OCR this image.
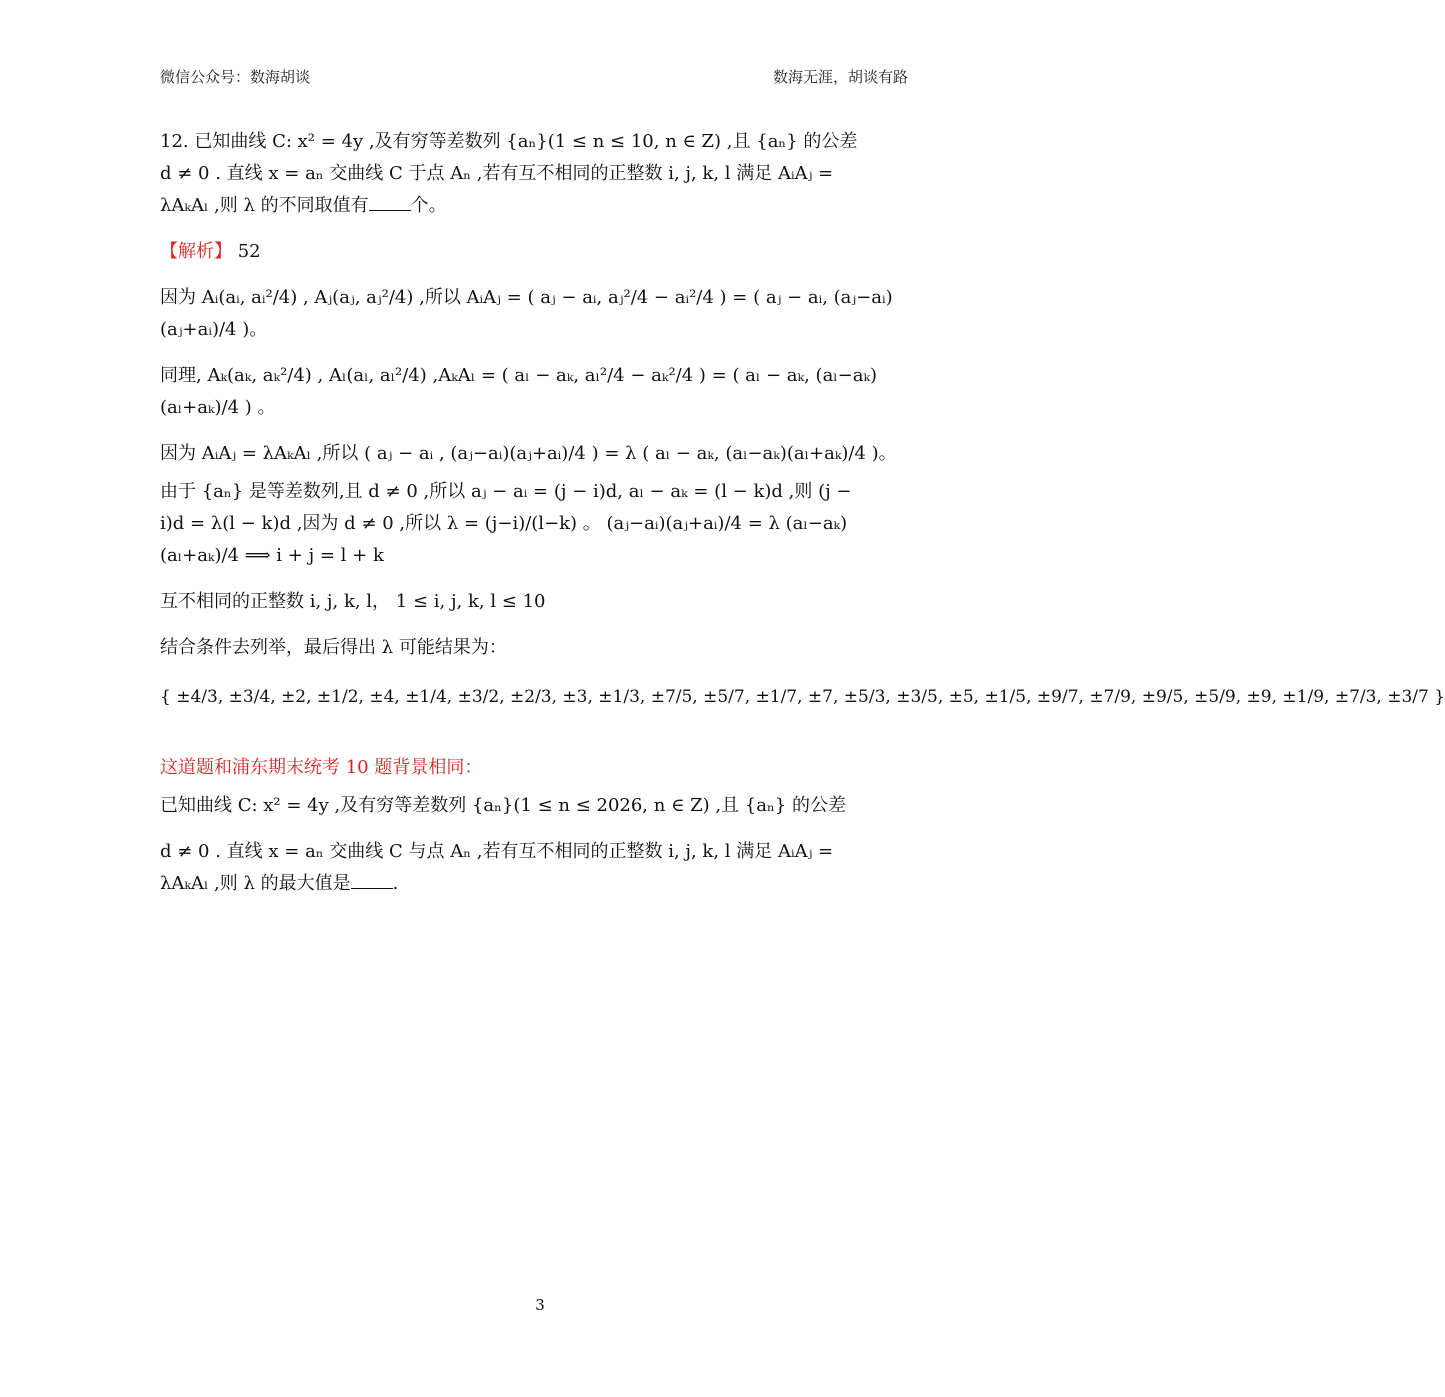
微信公众号：数海胡谈	数海无涯，胡谈有路

12. 已知曲线 C: x² = 4y ,及有穷等差数列 {aₙ}(1 ≤ n ≤ 10, n ∈ Z) ,且 {aₙ} 的公差

d ≠ 0 . 直线 x = aₙ 交曲线 C 于点 Aₙ ,若有互不相同的正整数 i, j, k, l 满足 AᵢAⱼ =

λAₖAₗ ,则 λ 的不同取值有 个。

【解析】 52

因为 Aᵢ(aᵢ, aᵢ²/4) , Aⱼ(aⱼ, aⱼ²/4) ,所以 AᵢAⱼ = ( aⱼ − aᵢ, aⱼ²/4 − aᵢ²/4 ) = ( aⱼ − aᵢ, (aⱼ−aᵢ)(aⱼ+aᵢ)/4 )。

同理, Aₖ(aₖ, aₖ²/4) , Aₗ(aₗ, aₗ²/4) ,AₖAₗ = ( aₗ − aₖ, aₗ²/4 − aₖ²/4 ) = ( aₗ − aₖ, (aₗ−aₖ)(aₗ+aₖ)/4 ) 。

因为 AᵢAⱼ = λAₖAₗ ,所以 ( aⱼ − aᵢ , (aⱼ−aᵢ)(aⱼ+aᵢ)/4 ) = λ ( aₗ − aₖ, (aₗ−aₖ)(aₗ+aₖ)/4 )。

由于 {aₙ} 是等差数列,且 d ≠ 0 ,所以 aⱼ − aᵢ = (j − i)d, aₗ − aₖ = (l − k)d ,则 (j −

i)d = λ(l − k)d ,因为 d ≠ 0 ,所以 λ = (j−i)/(l−k) 。 (aⱼ−aᵢ)(aⱼ+aᵢ)/4 = λ (aₗ−aₖ)(aₗ+aₖ)/4 ⟹ i + j = l + k

互不相同的正整数 i, j, k, l， 1 ≤ i, j, k, l ≤ 10

结合条件去列举，最后得出 λ 可能结果为：

{ ±4/3, ±3/4, ±2, ±1/2, ±4, ±1/4, ±3/2, ±2/3, ±3, ±1/3, ±7/5, ±5/7, ±1/7, ±7, ±5/3, ±3/5, ±5, ±1/5, ±9/7, ±7/9, ±9/5, ±5/9, ±9, ±1/9, ±7/3, ±3/7 }

这道题和浦东期末统考 10 题背景相同：

已知曲线 C: x² = 4y ,及有穷等差数列 {aₙ}(1 ≤ n ≤ 2026, n ∈ Z) ,且 {aₙ} 的公差

d ≠ 0 . 直线 x = aₙ 交曲线 C 与点 Aₙ ,若有互不相同的正整数 i, j, k, l 满足 AᵢAⱼ =

λAₖAₗ ,则 λ 的最大值是 .

3
